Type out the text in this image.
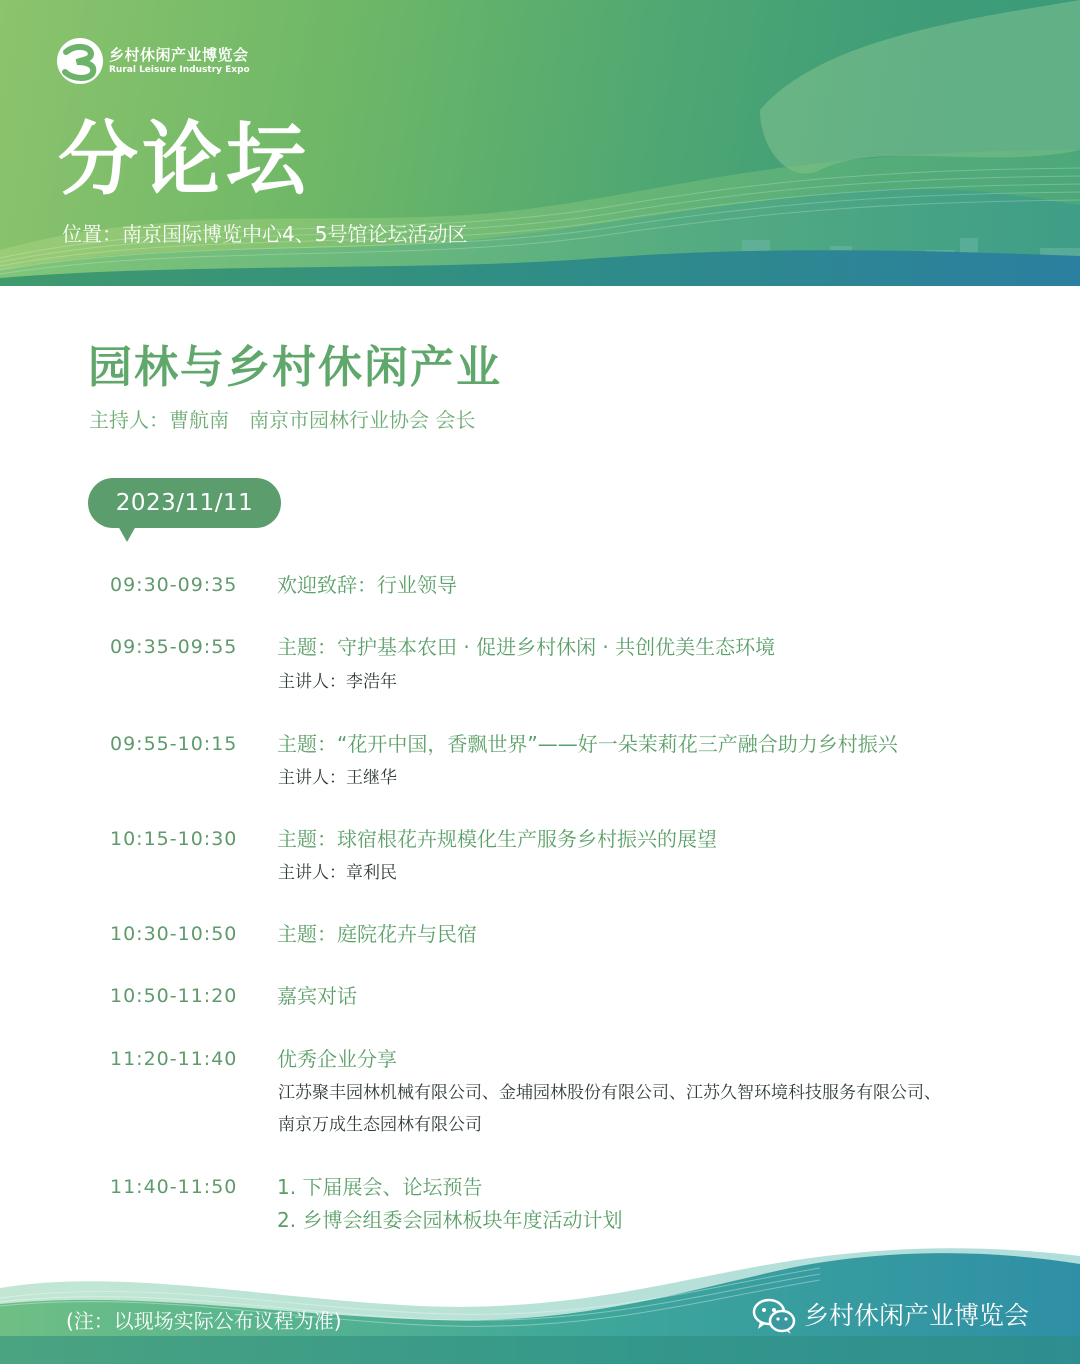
乡村休闲产业博览会
Rural Leisure Industry Expo
分论坛
位置：南京国际博览中心4、5号馆论坛活动区
园林与乡村休闲产业
主持人：曹航南　南京市园林行业协会 会长
2023/11/11
09:30-09:35 欢迎致辞：行业领导
09:35-09:55 主题：守护基本农田 · 促进乡村休闲 · 共创优美生态环境
主讲人：李浩年
09:55-10:15 主题：“花开中国，香飘世界”——好一朵茉莉花三产融合助力乡村振兴
主讲人：王继华
10:15-10:30 主题：球宿根花卉规模化生产服务乡村振兴的展望
主讲人：章利民
10:30-10:50 主题：庭院花卉与民宿
10:50-11:20 嘉宾对话
11:20-11:40 优秀企业分享
江苏聚丰园林机械有限公司、金埔园林股份有限公司、江苏久智环境科技服务有限公司、
南京万成生态园林有限公司
11:40-11:50 1. 下届展会、论坛预告
2. 乡博会组委会园林板块年度活动计划
(注：以现场实际公布议程为准)	乡村休闲产业博览会
